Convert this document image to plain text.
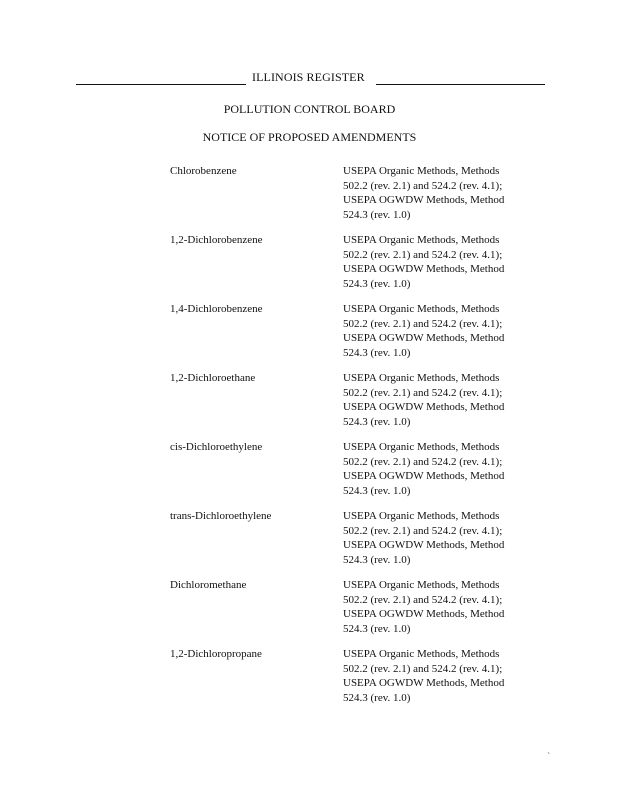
ILLINOIS REGISTER
POLLUTION CONTROL BOARD
NOTICE OF PROPOSED AMENDMENTS
Chlorobenzene	USEPA Organic Methods, Methods
502.2 (rev. 2.1) and 524.2 (rev. 4.1);
USEPA OGWDW Methods, Method
524.3 (rev. 1.0)
1,2-Dichlorobenzene	USEPA Organic Methods, Methods
502.2 (rev. 2.1) and 524.2 (rev. 4.1);
USEPA OGWDW Methods, Method
524.3 (rev. 1.0)
1,4-Dichlorobenzene	USEPA Organic Methods, Methods
502.2 (rev. 2.1) and 524.2 (rev. 4.1);
USEPA OGWDW Methods, Method
524.3 (rev. 1.0)
1,2-Dichloroethane	USEPA Organic Methods, Methods
502.2 (rev. 2.1) and 524.2 (rev. 4.1);
USEPA OGWDW Methods, Method
524.3 (rev. 1.0)
cis-Dichloroethylene	USEPA Organic Methods, Methods
502.2 (rev. 2.1) and 524.2 (rev. 4.1);
USEPA OGWDW Methods, Method
524.3 (rev. 1.0)
trans-Dichloroethylene	USEPA Organic Methods, Methods
502.2 (rev. 2.1) and 524.2 (rev. 4.1);
USEPA OGWDW Methods, Method
524.3 (rev. 1.0)
Dichloromethane	USEPA Organic Methods, Methods
502.2 (rev. 2.1) and 524.2 (rev. 4.1);
USEPA OGWDW Methods, Method
524.3 (rev. 1.0)
1,2-Dichloropropane	USEPA Organic Methods, Methods
502.2 (rev. 2.1) and 524.2 (rev. 4.1);
USEPA OGWDW Methods, Method
524.3 (rev. 1.0)
`
